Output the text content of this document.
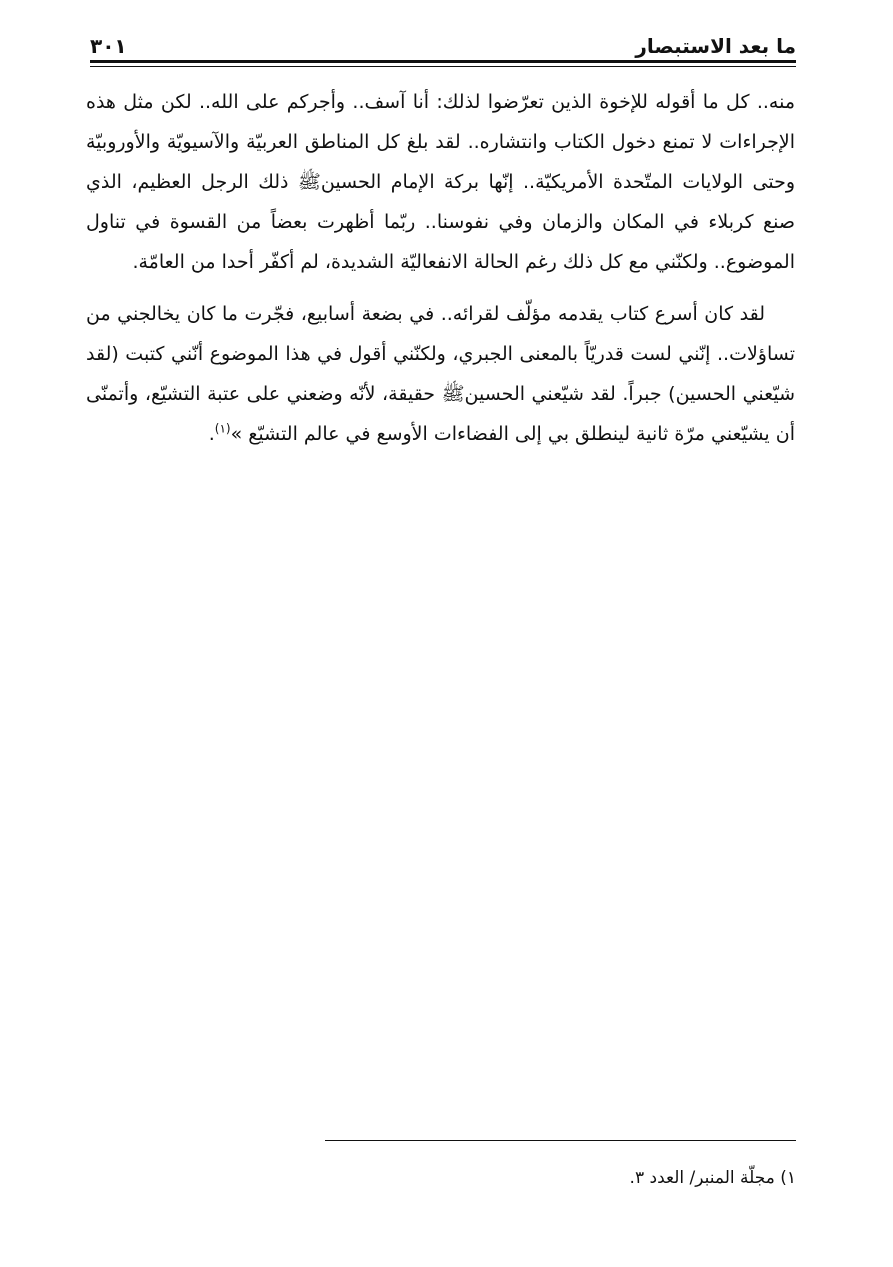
ما بعد الاستبصار
٣٠١

منه.. كل ما أقوله للإخوة الذين تعرّضوا لذلك: أنا آسف.. وأجركم على الله.. لكن مثل هذه الإجراءات لا تمنع دخول الكتاب وانتشاره.. لقد بلغ كل المناطق العربيّة والآسيويّة والأوروبيّة وحتى الولايات المتّحدة الأمريكيّة.. إنّها بركة الإمام الحسين‏ﷺ ذلك الرجل العظيم، الذي صنع كربلاء في المكان والزمان وفي نفوسنا.. ربّما أظهرت بعضاً من القسوة في تناول الموضوع.. ولكنّني مع كل ذلك رغم الحالة الانفعاليّة الشديدة، لم أكفّر أحدا من العامّة.

لقد كان أسرع كتاب يقدمه مؤلّف لقرائه.. في بضعة أسابيع، فجّرت ما كان يخالجني من تساؤلات.. إنّني لست قدريّاً بالمعنى الجبري، ولكنّني أقول في هذا الموضوع أنّني كتبت (لقد شيّعني الحسين) جبراً. لقد شيّعني الحسين‏ﷺ حقيقة، لأنّه وضعني على عتبة التشيّع، وأتمنّى أن يشيّعني مرّة ثانية لينطلق بي إلى الفضاءات الأوسع في عالم التشيّع »$^{(١)}$.

١) مجلّة المنبر/ العدد ٣.
